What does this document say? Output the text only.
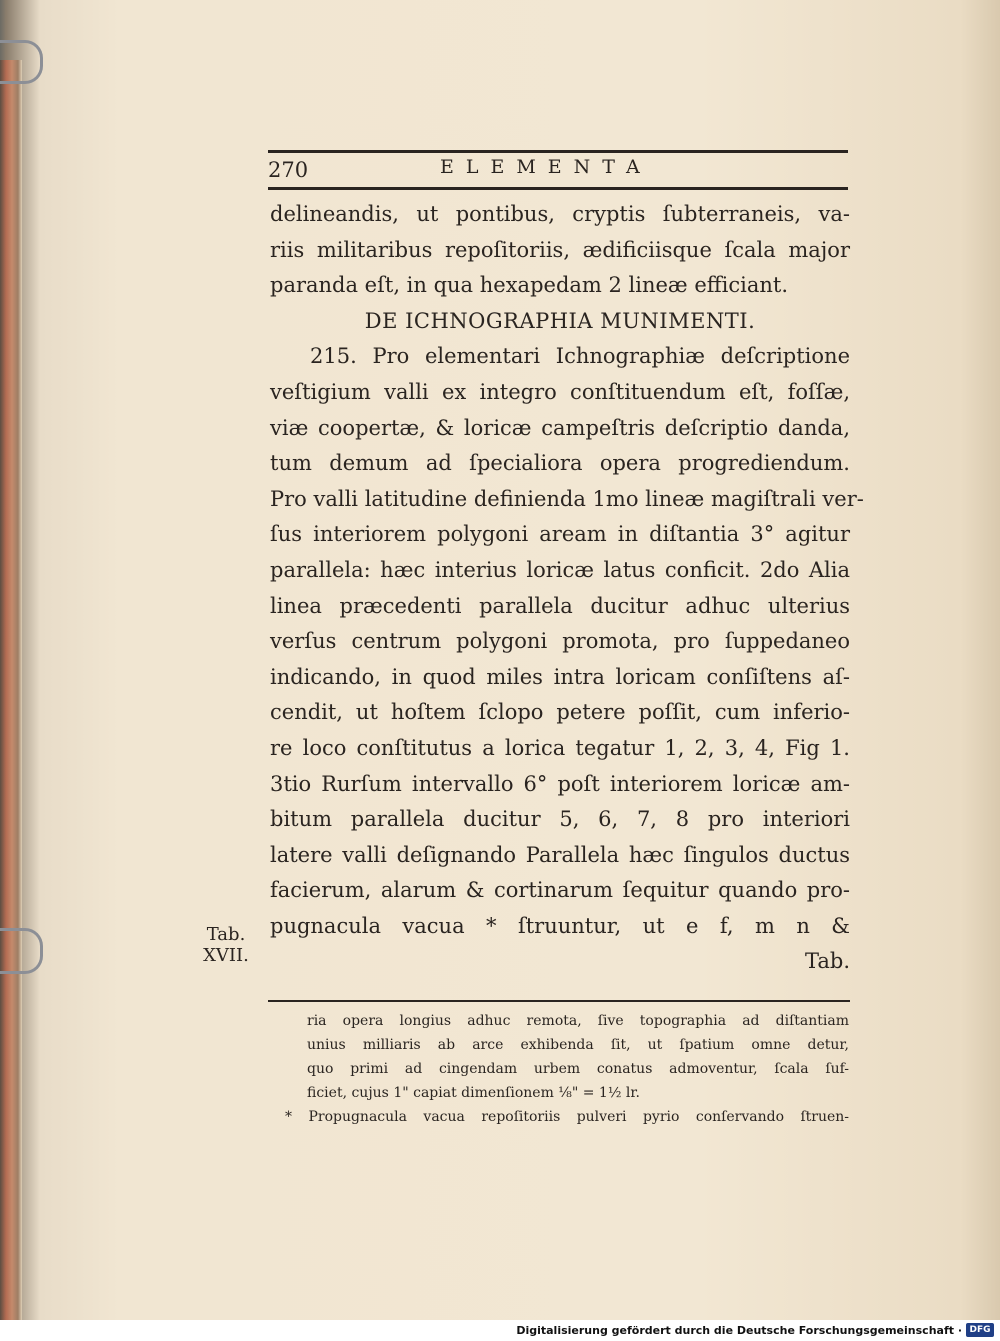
270	ELEMENTA
delineandis, ut pontibus, cryptis ſubterraneis, va-
riis militaribus repoſitoriis, ædificiisque ſcala major
paranda eſt, in qua hexapedam 2 lineæ efficiant.
DE ICHNOGRAPHIA MUNIMENTI.
215. Pro elementari Ichnographiæ deſcriptione
veſtigium valli ex integro conſtituendum eſt, foſſæ,
viæ coopertæ, & loricæ campeſtris deſcriptio danda,
tum demum ad ſpecialiora opera progrediendum.
Pro valli latitudine definienda 1mo lineæ magiſtrali ver-
ſus interiorem polygoni aream in diſtantia 3° agitur
parallela: hæc interius loricæ latus conficit. 2do Alia
linea præcedenti parallela ducitur adhuc ulterius
verſus centrum polygoni promota, pro ſuppedaneo
indicando, in quod miles intra loricam conſiſtens aſ-
cendit, ut hoſtem ſclopo petere poſſit, cum inferio-
re loco conſtitutus a lorica tegatur 1, 2, 3, 4, Fig 1.
3tio Rurſum intervallo 6° poſt interiorem loricæ am-
bitum parallela ducitur 5, 6, 7, 8 pro interiori
latere valli deſignando Parallela hæc ſingulos ductus
facierum, alarum & cortinarum ſequitur quando pro-
pugnacula vacua * ſtruuntur, ut e f, m n &
Tab.
Tab.
XVII.
ria opera longius adhuc remota, ſive topographia ad diſtantiam
unius milliaris ab arce exhibenda ſit, ut ſpatium omne detur,
quo primi ad cingendam urbem conatus admoventur, ſcala ſuf-
ficiet, cujus 1" capiat dimenſionem ⅛" = 1½ lr.
* Propugnacula vacua repoſitoriis pulveri pyrio conſervando ſtruen-
Digitalisierung gefördert durch die Deutsche Forschungsgemeinschaft · DFG
